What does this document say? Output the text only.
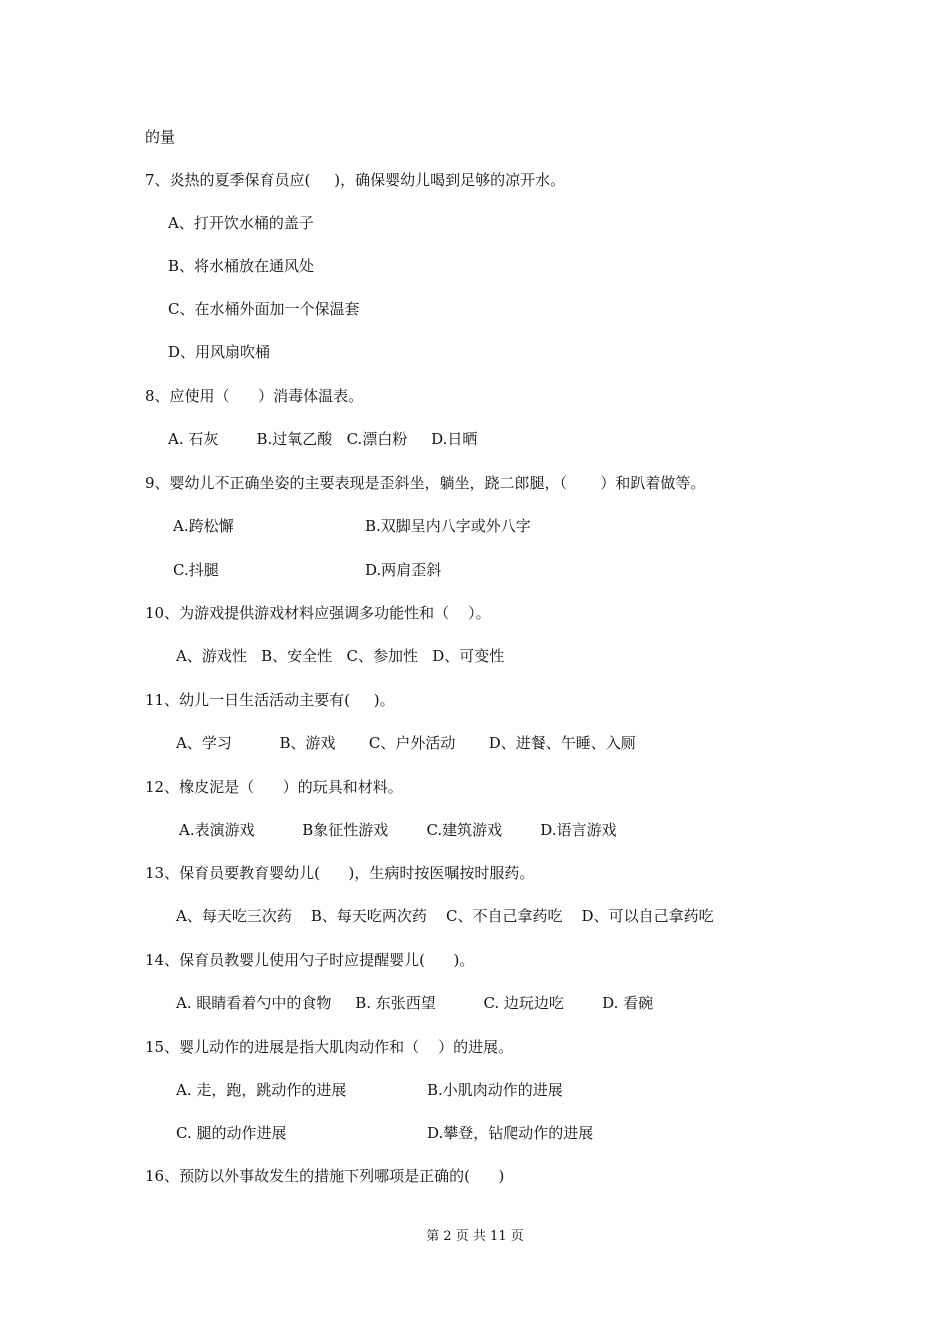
的量
7、炎热的夏季保育员应(     )，确保婴幼儿喝到足够的凉开水。
A、打开饮水桶的盖子
B、将水桶放在通风处
C、在水桶外面加一个保温套
D、用风扇吹桶
8、应使用（      ）消毒体温表。
A. 石灰        B.过氧乙酸   C.漂白粉     D.日晒
9、婴幼儿不正确坐姿的主要表现是歪斜坐，躺坐，跷二郎腿，（       ）和趴着做等。
A.跨松懈	B.双脚呈内八字或外八字
C.抖腿	D.两肩歪斜
10、为游戏提供游戏材料应强调多功能性和（    ）。
A、游戏性   B、安全性   C、参加性   D、可变性
11、幼儿一日生活活动主要有(     )。
A、学习          B、游戏       C、户外活动       D、进餐、午睡、入厕
12、橡皮泥是（      ）的玩具和材料。
A.表演游戏          B象征性游戏        C.建筑游戏        D.语言游戏
13、保育员要教育婴幼儿(      )，生病时按医嘱按时服药。
A、每天吃三次药    B、每天吃两次药    C、不自己拿药吃    D、可以自己拿药吃
14、保育员教婴儿使用勺子时应提醒婴儿(      )。
A. 眼睛看着勺中的食物     B. 东张西望          C. 边玩边吃        D. 看碗
15、婴儿动作的进展是指大肌肉动作和（    ）的进展。
A. 走，跑，跳动作的进展	B.小肌肉动作的进展
C. 腿的动作进展	D.攀登，钻爬动作的进展
16、预防以外事故发生的措施下列哪项是正确的(      )
第 2 页 共 11 页
